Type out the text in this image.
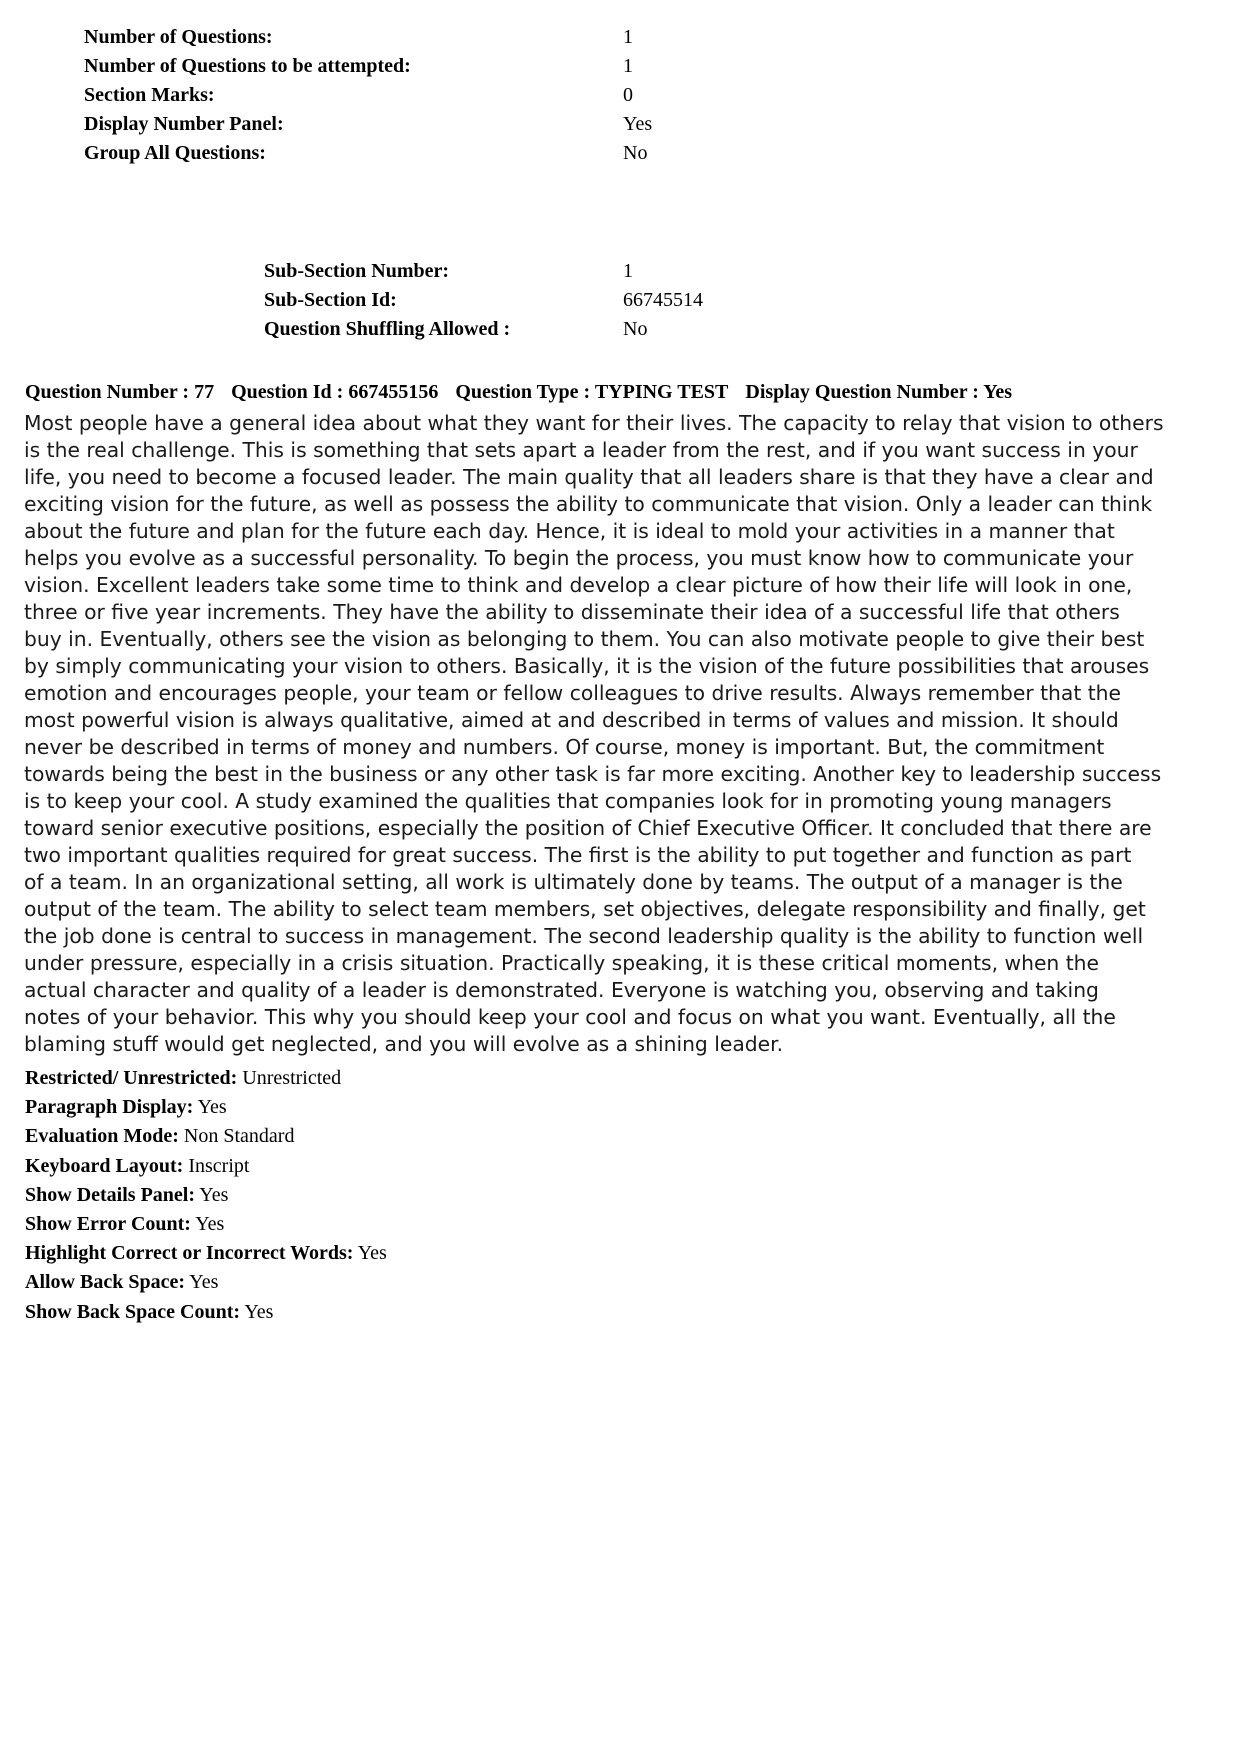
Number of Questions:	1
Number of Questions to be attempted:	1
Section Marks:	0
Display Number Panel:	Yes
Group All Questions:	No
Sub-Section Number:	1
Sub-Section Id:	66745514
Question Shuffling Allowed :	No

Question Number : 77 Question Id : 667455156 Question Type : TYPING TEST Display Question Number : Yes

Most people have a general idea about what they want for their lives. The capacity to relay that vision to others
is the real challenge. This is something that sets apart a leader from the rest, and if you want success in your
life, you need to become a focused leader. The main quality that all leaders share is that they have a clear and
exciting vision for the future, as well as possess the ability to communicate that vision. Only a leader can think
about the future and plan for the future each day. Hence, it is ideal to mold your activities in a manner that
helps you evolve as a successful personality. To begin the process, you must know how to communicate your
vision. Excellent leaders take some time to think and develop a clear picture of how their life will look in one,
three or five year increments. They have the ability to disseminate their idea of a successful life that others
buy in. Eventually, others see the vision as belonging to them. You can also motivate people to give their best
by simply communicating your vision to others. Basically, it is the vision of the future possibilities that arouses
emotion and encourages people, your team or fellow colleagues to drive results. Always remember that the
most powerful vision is always qualitative, aimed at and described in terms of values and mission. It should
never be described in terms of money and numbers. Of course, money is important. But, the commitment
towards being the best in the business or any other task is far more exciting. Another key to leadership success
is to keep your cool. A study examined the qualities that companies look for in promoting young managers
toward senior executive positions, especially the position of Chief Executive Officer. It concluded that there are
two important qualities required for great success. The first is the ability to put together and function as part
of a team. In an organizational setting, all work is ultimately done by teams. The output of a manager is the
output of the team. The ability to select team members, set objectives, delegate responsibility and finally, get
the job done is central to success in management. The second leadership quality is the ability to function well
under pressure, especially in a crisis situation. Practically speaking, it is these critical moments, when the
actual character and quality of a leader is demonstrated. Everyone is watching you, observing and taking
notes of your behavior. This why you should keep your cool and focus on what you want. Eventually, all the
blaming stuff would get neglected, and you will evolve as a shining leader.
Restricted/ Unrestricted: Unrestricted
Paragraph Display: Yes
Evaluation Mode: Non Standard
Keyboard Layout: Inscript
Show Details Panel: Yes
Show Error Count: Yes
Highlight Correct or Incorrect Words: Yes
Allow Back Space: Yes
Show Back Space Count: Yes
